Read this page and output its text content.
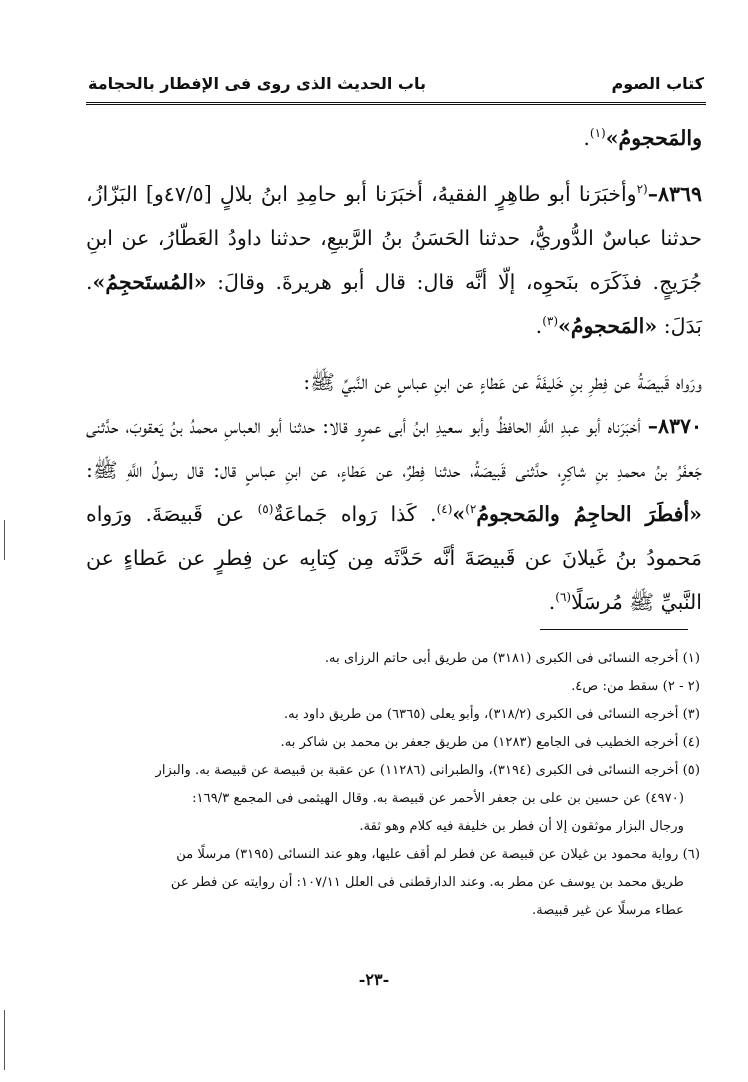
كتاب الصوم
باب الحديث الذى روى فى الإفطار بالحجامة

والمَحجومُ»$^{(١)}$.

٨٣٦٩–$^{(٢}$وأخبَرَنا أبو طاهِرٍ الفقيهُ، أخبَرَنا أبو حامِدِ ابنُ بلالٍ [٤٧/٥و] البَزّازُ، حدثنا عباسٌ الدُّوريُّ، حدثنا الحَسَنُ بنُ الرَّبيعِ، حدثنا داودُ العَطّارُ، عن ابنِ جُرَيجٍ. فذَكَرَه بنَحوِه، إلّا أنَّه قال: قال أبو هريرةَ. وقالَ: «المُستَحجِمُ». بَدَلَ: «المَحجومُ»$^{(٣)}$.

ورَواه قَبيصَةُ عن فِطرِ بنِ خَليفَةَ عن عَطاءٍ عن ابنِ عباسٍ عن النَّبيِّ ﷺ:

٨٣٧٠– أخبَرَناه أبو عبدِ اللَّهِ الحافظُ وأبو سعيدِ ابنُ أبى عمرٍو قالا: حدثنا أبو العباسِ محمدُ بنُ يَعقوبَ، حدَّثنى جَعفَرُ بنُ محمدِ بنِ شاكِرٍ، حدَّثنى قَبيصَةُ، حدثنا فِطرٌ، عن عَطاءٍ، عن ابنِ عباسٍ قال: قال رسولُ اللَّهِ ﷺ: «أفطَرَ الحاجِمُ والمَحجومُ$^{٢)}$»$^{(٤)}$. كَذا رَواه جَماعَةٌ$^{(٥)}$ عن قَبيصَةَ. ورَواه مَحمودُ بنُ غَيلانَ عن قَبيصَةَ أنَّه حَدَّثَه مِن كِتابِه عن فِطرٍ عن عَطاءٍ عن النَّبيِّ ﷺ مُرسَلًا$^{(٦)}$.

(١) أخرجه النسائى فى الكبرى (٣١٨١) من طريق أبى حاتم الرزاى به.

(٢ - ٢) سقط من: ص٤.

(٣) أخرجه النسائى فى الكبرى (٣١٨/٢)، وأبو يعلى (٦٣٦٥) من طريق داود به.

(٤) أخرجه الخطيب فى الجامع (١٢٨٣) من طريق جعفر بن محمد بن شاكر به.

(٥) أخرجه النسائى فى الكبرى (٣١٩٤)، والطبرانى (١١٢٨٦) عن عقبة بن قبيصة عن قبيصة به. والبزار

(٤٩٧٠) عن حسين بن على بن جعفر الأحمر عن قبيصة به. وقال الهيثمى فى المجمع ١٦٩/٣:

ورجال البزار موثقون إلا أن فطر بن خليفة فيه كلام وهو ثقة.

(٦) رواية محمود بن غيلان عن قبيصة عن فطر لم أقف عليها، وهو عند النسائى (٣١٩٥) مرسلًا من

طريق محمد بن يوسف عن مطر به. وعند الدارقطنى فى العلل ١٠٧/١١: أن روايته عن فطر عن

عطاء مرسلًا عن غير قبيصة.

-٢٣-
